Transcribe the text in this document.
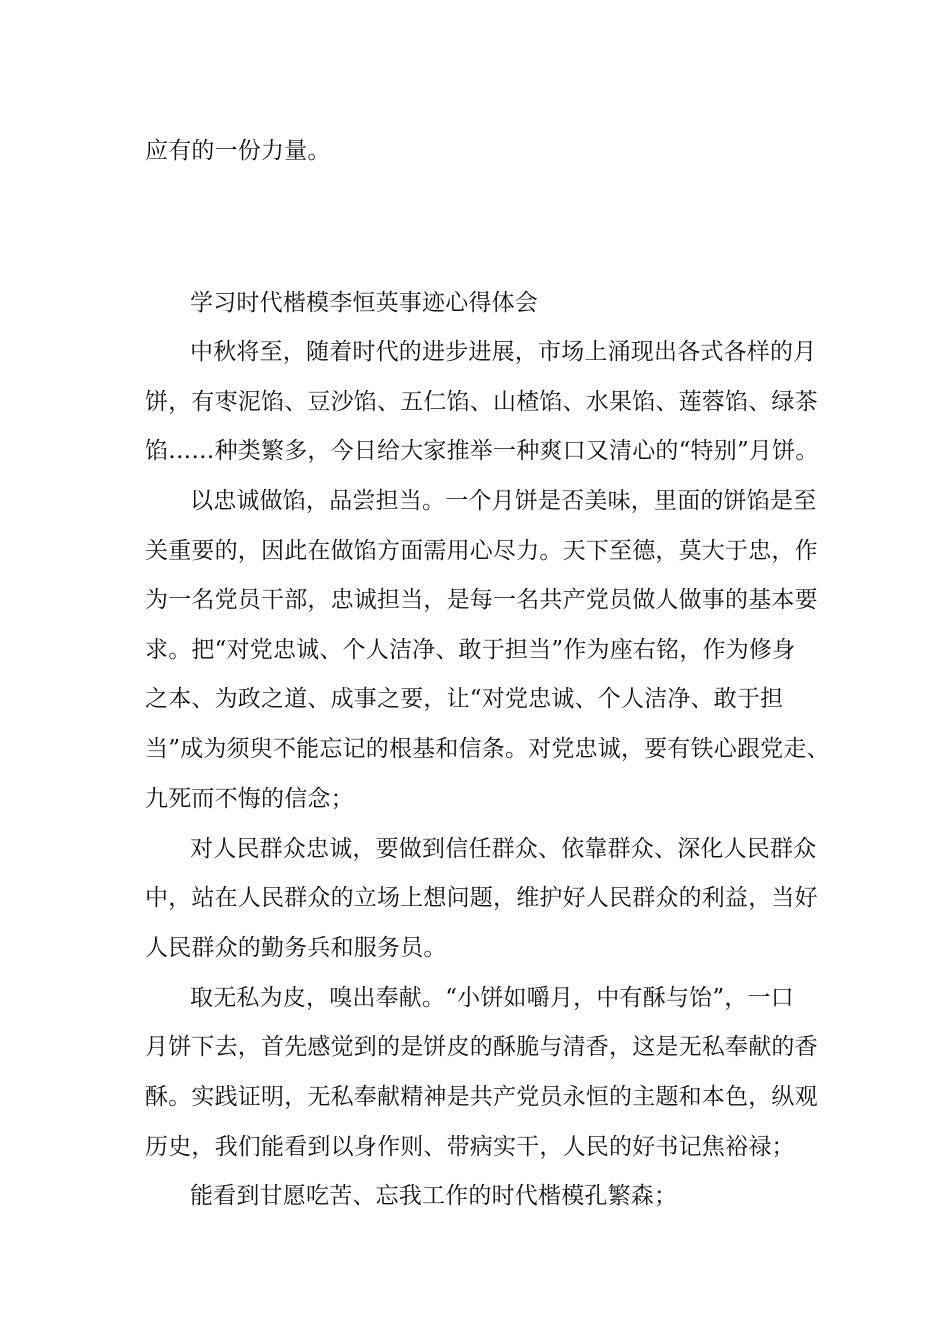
应有的一份力量。

学习时代楷模李恒英事迹心得体会

中秋将至，随着时代的进步进展，市场上涌现出各式各样的月

饼，有枣泥馅、豆沙馅、五仁馅、山楂馅、水果馅、莲蓉馅、绿茶

馅……种类繁多，今日给大家推举一种爽口又清心的“特别”月饼。

以忠诚做馅，品尝担当。一个月饼是否美味，里面的饼馅是至

关重要的，因此在做馅方面需用心尽力。天下至德，莫大于忠，作

为一名党员干部，忠诚担当，是每一名共产党员做人做事的基本要

求。把“对党忠诚、个人洁净、敢于担当”作为座右铭，作为修身

之本、为政之道、成事之要，让“对党忠诚、个人洁净、敢于担

当”成为须臾不能忘记的根基和信条。对党忠诚，要有铁心跟党走、

九死而不悔的信念；

对人民群众忠诚，要做到信任群众、依靠群众、深化人民群众

中，站在人民群众的立场上想问题，维护好人民群众的利益，当好

人民群众的勤务兵和服务员。

取无私为皮，嗅出奉献。“小饼如嚼月，中有酥与饴”，一口

月饼下去，首先感觉到的是饼皮的酥脆与清香，这是无私奉献的香

酥。实践证明，无私奉献精神是共产党员永恒的主题和本色，纵观

历史，我们能看到以身作则、带病实干，人民的好书记焦裕禄；

能看到甘愿吃苦、忘我工作的时代楷模孔繁森；
